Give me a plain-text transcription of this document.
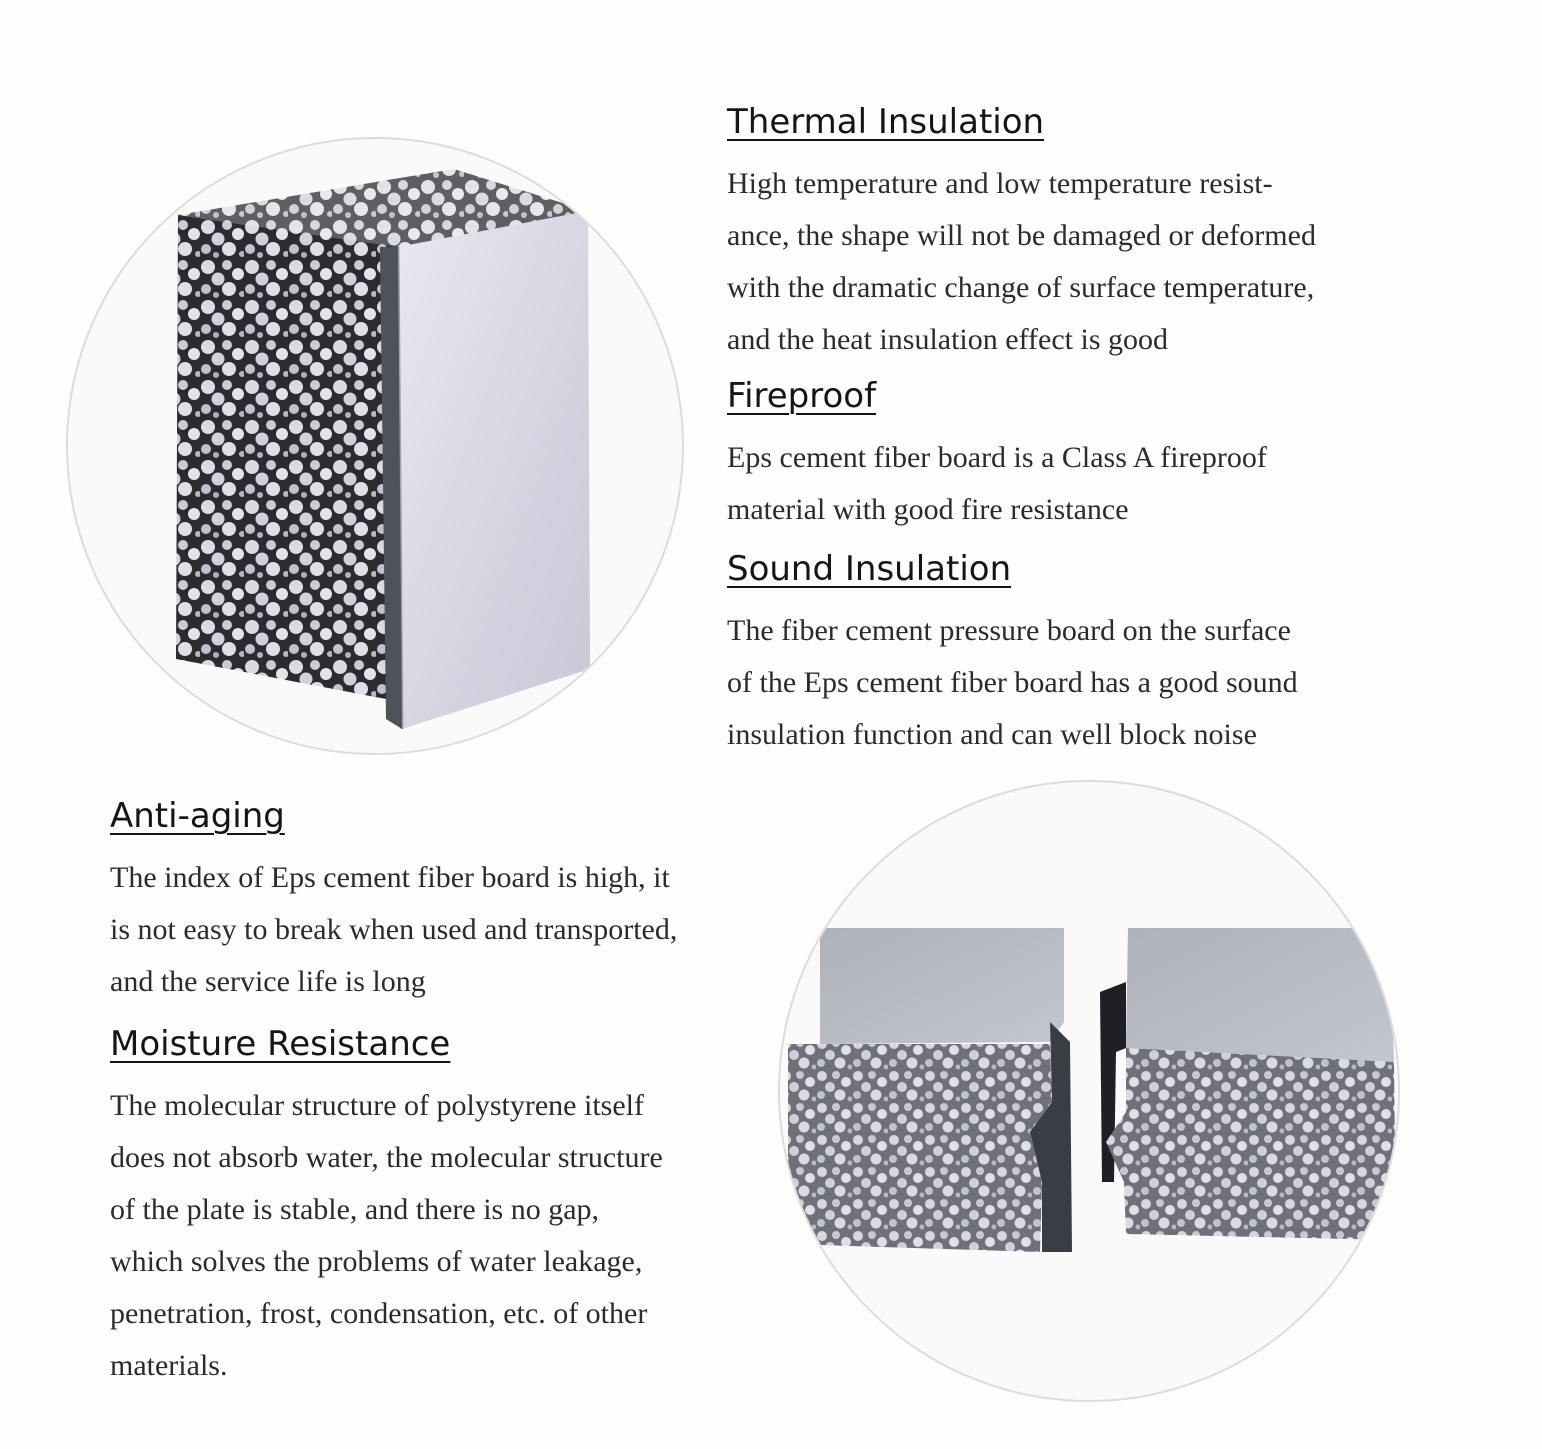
Thermal Insulation

High temperature and low temperature resist-
ance, the shape will not be damaged or deformed
with the dramatic change of surface temperature,
and the heat insulation effect is good

Fireproof

Eps cement fiber board is a Class A fireproof
material with good fire resistance

Sound Insulation

The fiber cement pressure board on the surface
of the Eps cement fiber board has a good sound
insulation function and can well block noise

Anti-aging

The index of Eps cement fiber board is high, it
is not easy to break when used and transported,
and the service life is long

Moisture Resistance

The molecular structure of polystyrene itself
does not absorb water, the molecular structure
of the plate is stable, and there is no gap,
which solves the problems of water leakage,
penetration, frost, condensation, etc. of other
materials.
